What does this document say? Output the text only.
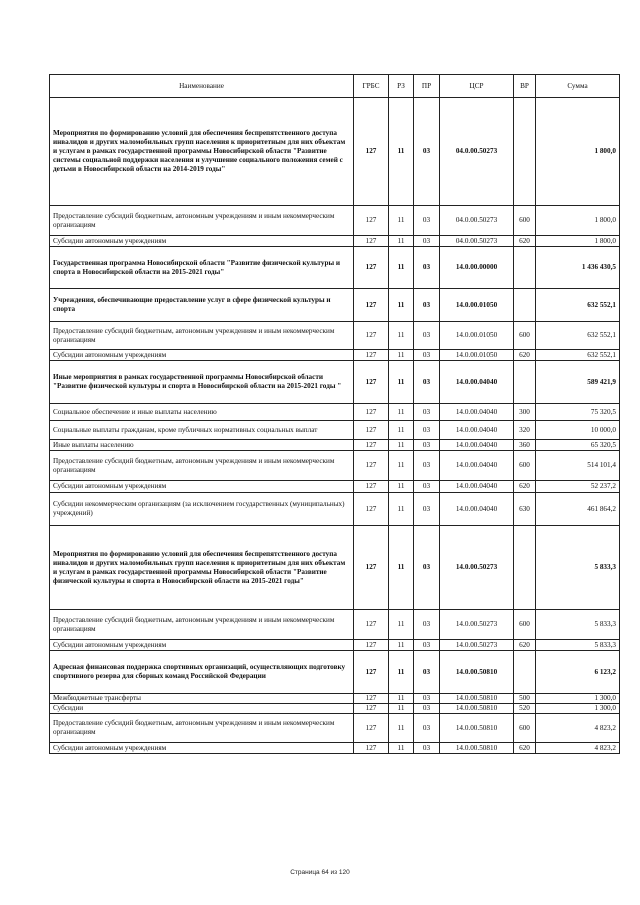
Наименование	ГРБС	РЗ	ПР	ЦСР	ВР	Сумма
Мероприятия по формированию условий для обеспечения беспрепятственного доступа инвалидов и других маломобильных групп населения к приоритетным для них объектам и услугам в рамках государственной программы Новосибирской области "Развитие системы социальной поддержки населения и улучшение социального положения семей с детьми в Новосибирской области на 2014-2019 годы"	127	11	03	04.0.00.50273		1 800,0
Предоставление субсидий бюджетным, автономным учреждениям и иным некоммерческим организациям	127	11	03	04.0.00.50273	600	1 800,0
Субсидии автономным учреждениям	127	11	03	04.0.00.50273	620	1 800,0
Государственная программа Новосибирской области "Развитие физической культуры и спорта в Новосибирской области на 2015-2021 годы"	127	11	03	14.0.00.00000		1 436 430,5
Учреждения, обеспечивающие предоставление услуг в сфере физической культуры и спорта	127	11	03	14.0.00.01050		632 552,1
Предоставление субсидий бюджетным, автономным учреждениям и иным некоммерческим организациям	127	11	03	14.0.00.01050	600	632 552,1
Субсидии автономным учреждениям	127	11	03	14.0.00.01050	620	632 552,1
Иные мероприятия в рамках государственной программы Новосибирской области "Развитие физической культуры и спорта в Новосибирской области на 2015-2021 годы "	127	11	03	14.0.00.04040		589 421,9
Социальное обеспечение и иные выплаты населению	127	11	03	14.0.00.04040	300	75 320,5
Социальные выплаты гражданам, кроме публичных нормативных социальных выплат	127	11	03	14.0.00.04040	320	10 000,0
Иные выплаты населению	127	11	03	14.0.00.04040	360	65 320,5
Предоставление субсидий бюджетным, автономным учреждениям и иным некоммерческим организациям	127	11	03	14.0.00.04040	600	514 101,4
Субсидии автономным учреждениям	127	11	03	14.0.00.04040	620	52 237,2
Субсидии некоммерческим организациям (за исключением государственных (муниципальных) учреждений)	127	11	03	14.0.00.04040	630	461 864,2
Мероприятия по формированию условий для обеспечения беспрепятственного доступа инвалидов и других маломобильных групп населения к приоритетным для них объектам и услугам в рамках государственной программы Новосибирской области "Развитие физической культуры и спорта в Новосибирской области на 2015-2021 годы"	127	11	03	14.0.00.50273		5 833,3
Предоставление субсидий бюджетным, автономным учреждениям и иным некоммерческим организациям	127	11	03	14.0.00.50273	600	5 833,3
Субсидии автономным учреждениям	127	11	03	14.0.00.50273	620	5 833,3
Адресная финансовая поддержка спортивных организаций, осуществляющих подготовку спортивного резерва для сборных команд Российской Федерации	127	11	03	14.0.00.50810		6 123,2
Межбюджетные трансферты	127	11	03	14.0.00.50810	500	1 300,0
Субсидии	127	11	03	14.0.00.50810	520	1 300,0
Предоставление субсидий бюджетным, автономным учреждениям и иным некоммерческим организациям	127	11	03	14.0.00.50810	600	4 823,2
Субсидии автономным учреждениям	127	11	03	14.0.00.50810	620	4 823,2
Страница 64 из 120
